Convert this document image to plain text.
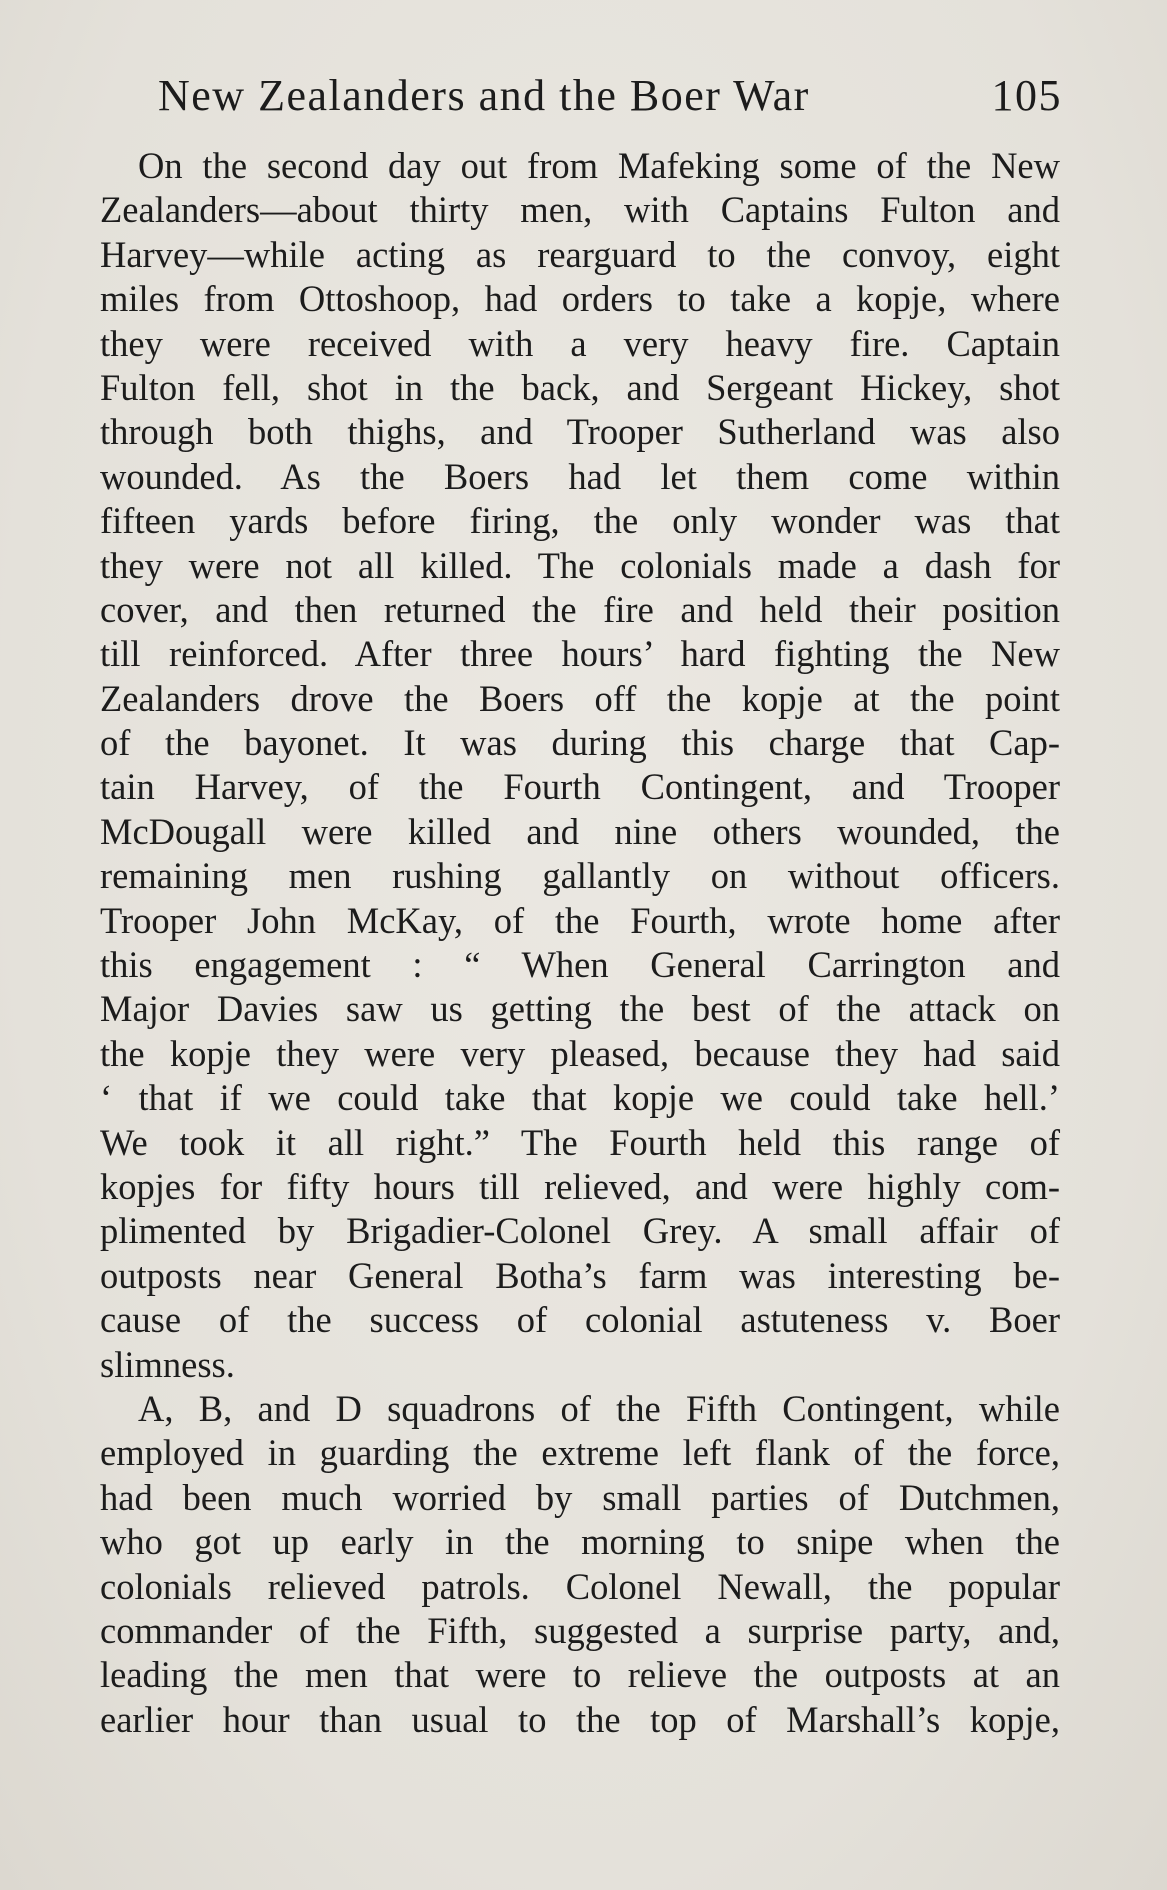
New Zealanders and the Boer War	105
On the second day out from Mafeking some of the New
Zealanders—about thirty men, with Captains Fulton and
Harvey—while acting as rearguard to the convoy, eight
miles from Ottoshoop, had orders to take a kopje, where
they were received with a very heavy fire. Captain
Fulton fell, shot in the back, and Sergeant Hickey, shot
through both thighs, and Trooper Sutherland was also
wounded. As the Boers had let them come within
fifteen yards before firing, the only wonder was that
they were not all killed. The colonials made a dash for
cover, and then returned the fire and held their position
till reinforced. After three hours’ hard fighting the New
Zealanders drove the Boers off the kopje at the point
of the bayonet. It was during this charge that Cap-
tain Harvey, of the Fourth Contingent, and Trooper
McDougall were killed and nine others wounded, the
remaining men rushing gallantly on without officers.
Trooper John McKay, of the Fourth, wrote home after
this engagement : “ When General Carrington and
Major Davies saw us getting the best of the attack on
the kopje they were very pleased, because they had said
‘ that if we could take that kopje we could take hell.’
We took it all right.” The Fourth held this range of
kopjes for fifty hours till relieved, and were highly com-
plimented by Brigadier-Colonel Grey. A small affair of
outposts near General Botha’s farm was interesting be-
cause of the success of colonial astuteness v. Boer
slimness.
A, B, and D squadrons of the Fifth Contingent, while
employed in guarding the extreme left flank of the force,
had been much worried by small parties of Dutchmen,
who got up early in the morning to snipe when the
colonials relieved patrols. Colonel Newall, the popular
commander of the Fifth, suggested a surprise party, and,
leading the men that were to relieve the outposts at an
earlier hour than usual to the top of Marshall’s kopje,
